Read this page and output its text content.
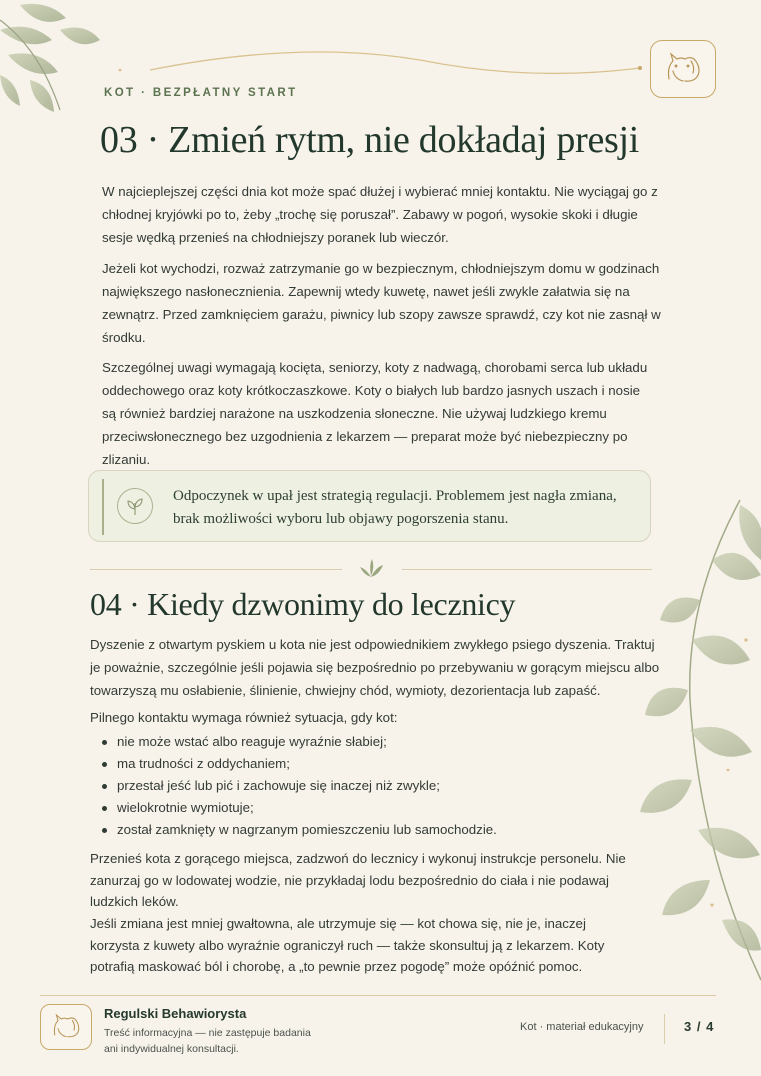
KOT · BEZPŁATNY START
03 · Zmień rytm, nie dokładaj presji

W najcieplejszej części dnia kot może spać dłużej i wybierać mniej kontaktu. Nie wyciągaj go z chłodnej kryjówki po to, żeby „trochę się poruszał”. Zabawy w pogoń, wysokie skoki i długie sesje wędką przenieś na chłodniejszy poranek lub wieczór.

Jeżeli kot wychodzi, rozważ zatrzymanie go w bezpiecznym, chłodniejszym domu w godzinach największego nasłonecznienia. Zapewnij wtedy kuwetę, nawet jeśli zwykle załatwia się na zewnątrz. Przed zamknięciem garażu, piwnicy lub szopy zawsze sprawdź, czy kot nie zasnął w środku.

Szczególnej uwagi wymagają kocięta, seniorzy, koty z nadwagą, chorobami serca lub układu oddechowego oraz koty krótkoczaszkowe. Koty o białych lub bardzo jasnych uszach i nosie są również bardziej narażone na uszkodzenia słoneczne. Nie używaj ludzkiego kremu przeciwsłonecznego bez uzgodnienia z lekarzem — preparat może być niebezpieczny po zlizaniu.

Odpoczynek w upał jest strategią regulacji. Problemem jest nagła zmiana, brak możliwości wyboru lub objawy pogorszenia stanu.

04 · Kiedy dzwonimy do lecznicy

Dyszenie z otwartym pyskiem u kota nie jest odpowiednikiem zwykłego psiego dyszenia. Traktuj je poważnie, szczególnie jeśli pojawia się bezpośrednio po przebywaniu w gorącym miejscu albo towarzyszą mu osłabienie, ślinienie, chwiejny chód, wymioty, dezorientacja lub zapaść.

Pilnego kontaktu wymaga również sytuacja, gdy kot:

nie może wstać albo reaguje wyraźnie słabiej;
ma trudności z oddychaniem;
przestał jeść lub pić i zachowuje się inaczej niż zwykle;
wielokrotnie wymiotuje;
został zamknięty w nagrzanym pomieszczeniu lub samochodzie.

Przenieś kota z gorącego miejsca, zadzwoń do lecznicy i wykonuj instrukcje personelu. Nie zanurzaj go w lodowatej wodzie, nie przykładaj lodu bezpośrednio do ciała i nie podawaj ludzkich leków.

Jeśli zmiana jest mniej gwałtowna, ale utrzymuje się — kot chowa się, nie je, inaczej korzysta z kuwety albo wyraźnie ograniczył ruch — także skonsultuj ją z lekarzem. Koty potrafią maskować ból i chorobę, a „to pewnie przez pogodę” może opóźnić pomoc.

Regulski Behawiorysta

Treść informacyjna — nie zastępuje badania ani indywidualnej konsultacji.

Kot · materiał edukacyjny	3 / 4
